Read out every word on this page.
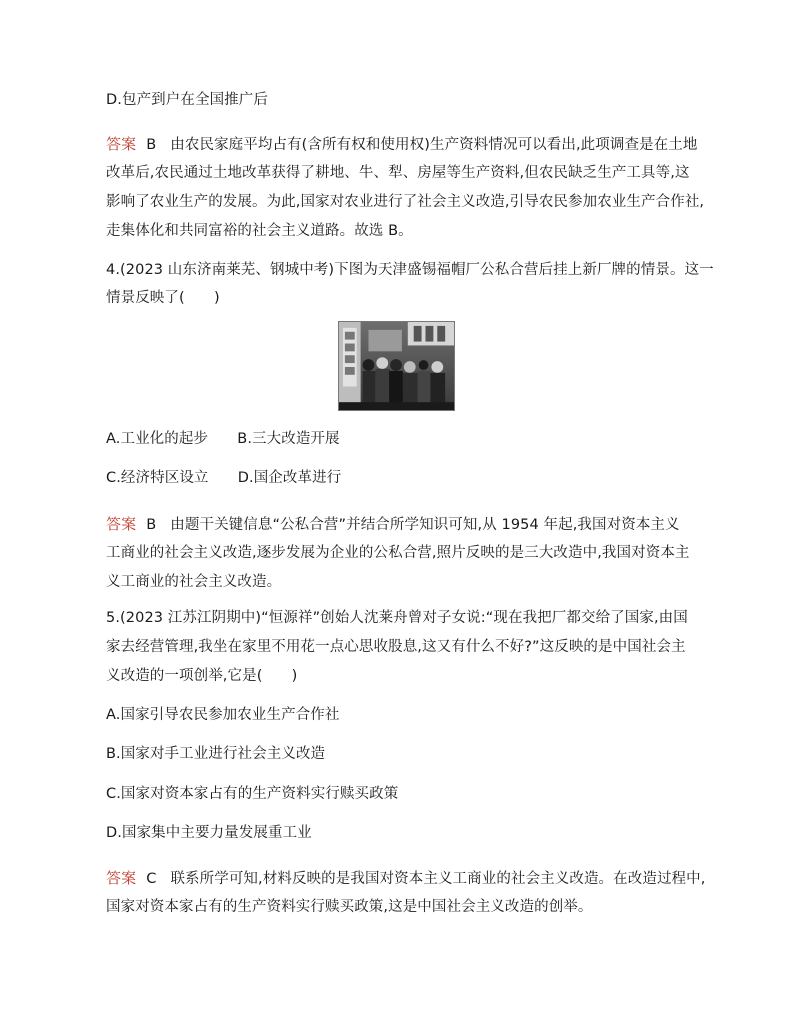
D.包产到户在全国推广后
答案 B 由农民家庭平均占有(含所有权和使用权)生产资料情况可以看出,此项调查是在土地
改革后,农民通过土地改革获得了耕地、牛、犁、房屋等生产资料,但农民缺乏生产工具等,这
影响了农业生产的发展。为此,国家对农业进行了社会主义改造,引导农民参加农业生产合作社,
走集体化和共同富裕的社会主义道路。故选 B。
4.(2023 山东济南莱芜、钢城中考)下图为天津盛锡福帽厂公私合营后挂上新厂牌的情景。这一
情景反映了(　　)
A.工业化的起步　　B.三大改造开展
C.经济特区设立　　D.国企改革进行
答案 B 由题干关键信息“公私合营”并结合所学知识可知,从 1954 年起,我国对资本主义
工商业的社会主义改造,逐步发展为企业的公私合营,照片反映的是三大改造中,我国对资本主
义工商业的社会主义改造。
5.(2023 江苏江阴期中)“恒源祥”创始人沈莱舟曾对子女说:“现在我把厂都交给了国家,由国
家去经营管理,我坐在家里不用花一点心思收股息,这又有什么不好?”这反映的是中国社会主
义改造的一项创举,它是(　　)
A.国家引导农民参加农业生产合作社
B.国家对手工业进行社会主义改造
C.国家对资本家占有的生产资料实行赎买政策
D.国家集中主要力量发展重工业
答案 C 联系所学可知,材料反映的是我国对资本主义工商业的社会主义改造。在改造过程中,
国家对资本家占有的生产资料实行赎买政策,这是中国社会主义改造的创举。
